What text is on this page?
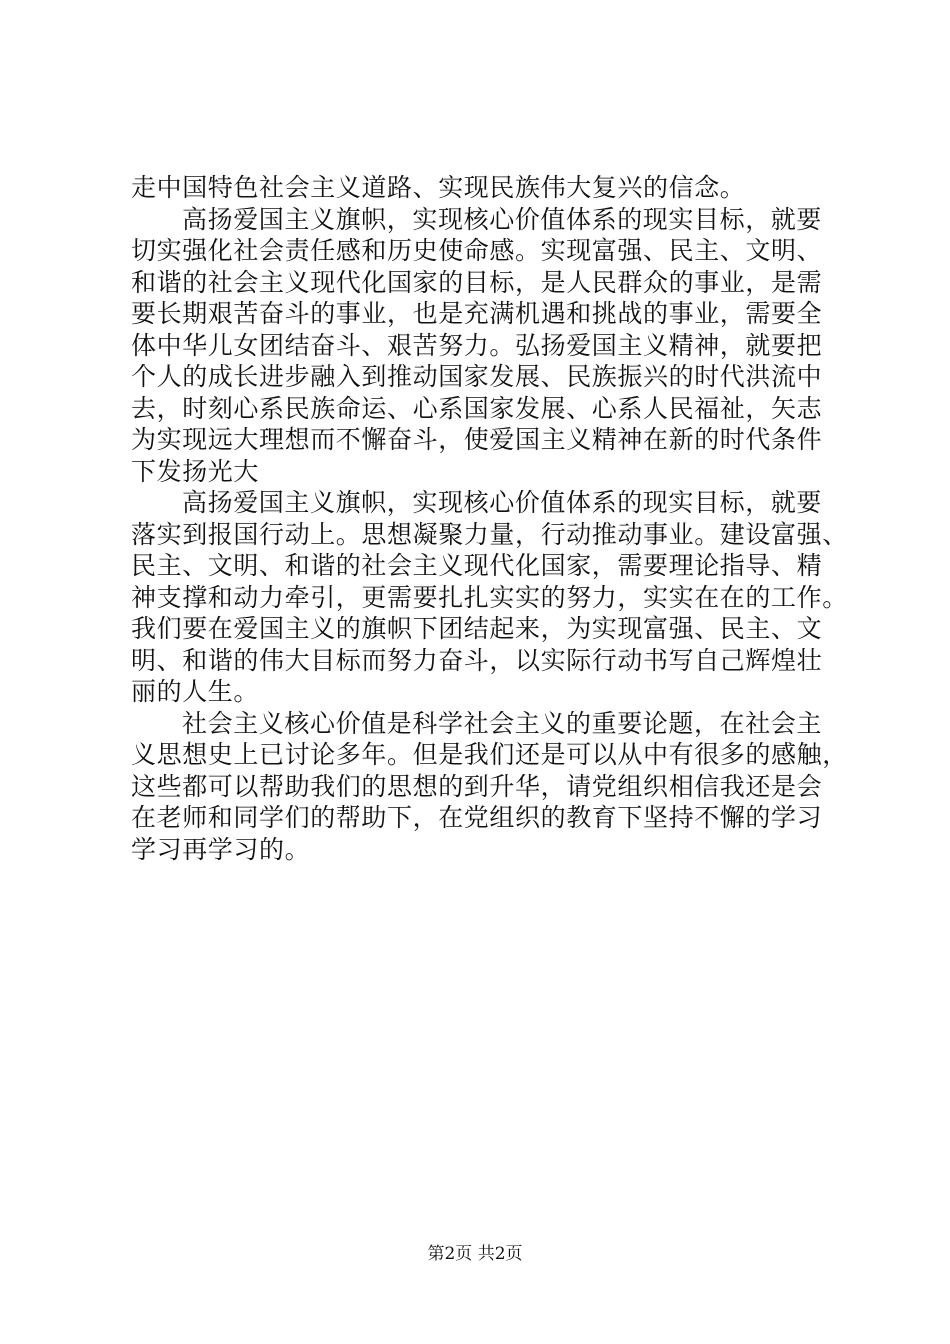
走中国特色社会主义道路、实现民族伟大复兴的信念。
高扬爱国主义旗帜，实现核心价值体系的现实目标，就要
切实强化社会责任感和历史使命感。实现富强、民主、文明、
和谐的社会主义现代化国家的目标，是人民群众的事业，是需
要长期艰苦奋斗的事业，也是充满机遇和挑战的事业，需要全
体中华儿女团结奋斗、艰苦努力。弘扬爱国主义精神，就要把
个人的成长进步融入到推动国家发展、民族振兴的时代洪流中
去，时刻心系民族命运、心系国家发展、心系人民福祉，矢志
为实现远大理想而不懈奋斗，使爱国主义精神在新的时代条件
下发扬光大
高扬爱国主义旗帜，实现核心价值体系的现实目标，就要
落实到报国行动上。思想凝聚力量，行动推动事业。建设富强、
民主、文明、和谐的社会主义现代化国家，需要理论指导、精
神支撑和动力牵引，更需要扎扎实实的努力，实实在在的工作。
我们要在爱国主义的旗帜下团结起来，为实现富强、民主、文
明、和谐的伟大目标而努力奋斗，以实际行动书写自己辉煌壮
丽的人生。
社会主义核心价值是科学社会主义的重要论题，在社会主
义思想史上已讨论多年。但是我们还是可以从中有很多的感触，
这些都可以帮助我们的思想的到升华，请党组织相信我还是会
在老师和同学们的帮助下，在党组织的教育下坚持不懈的学习
学习再学习的。
第2页 共2页
